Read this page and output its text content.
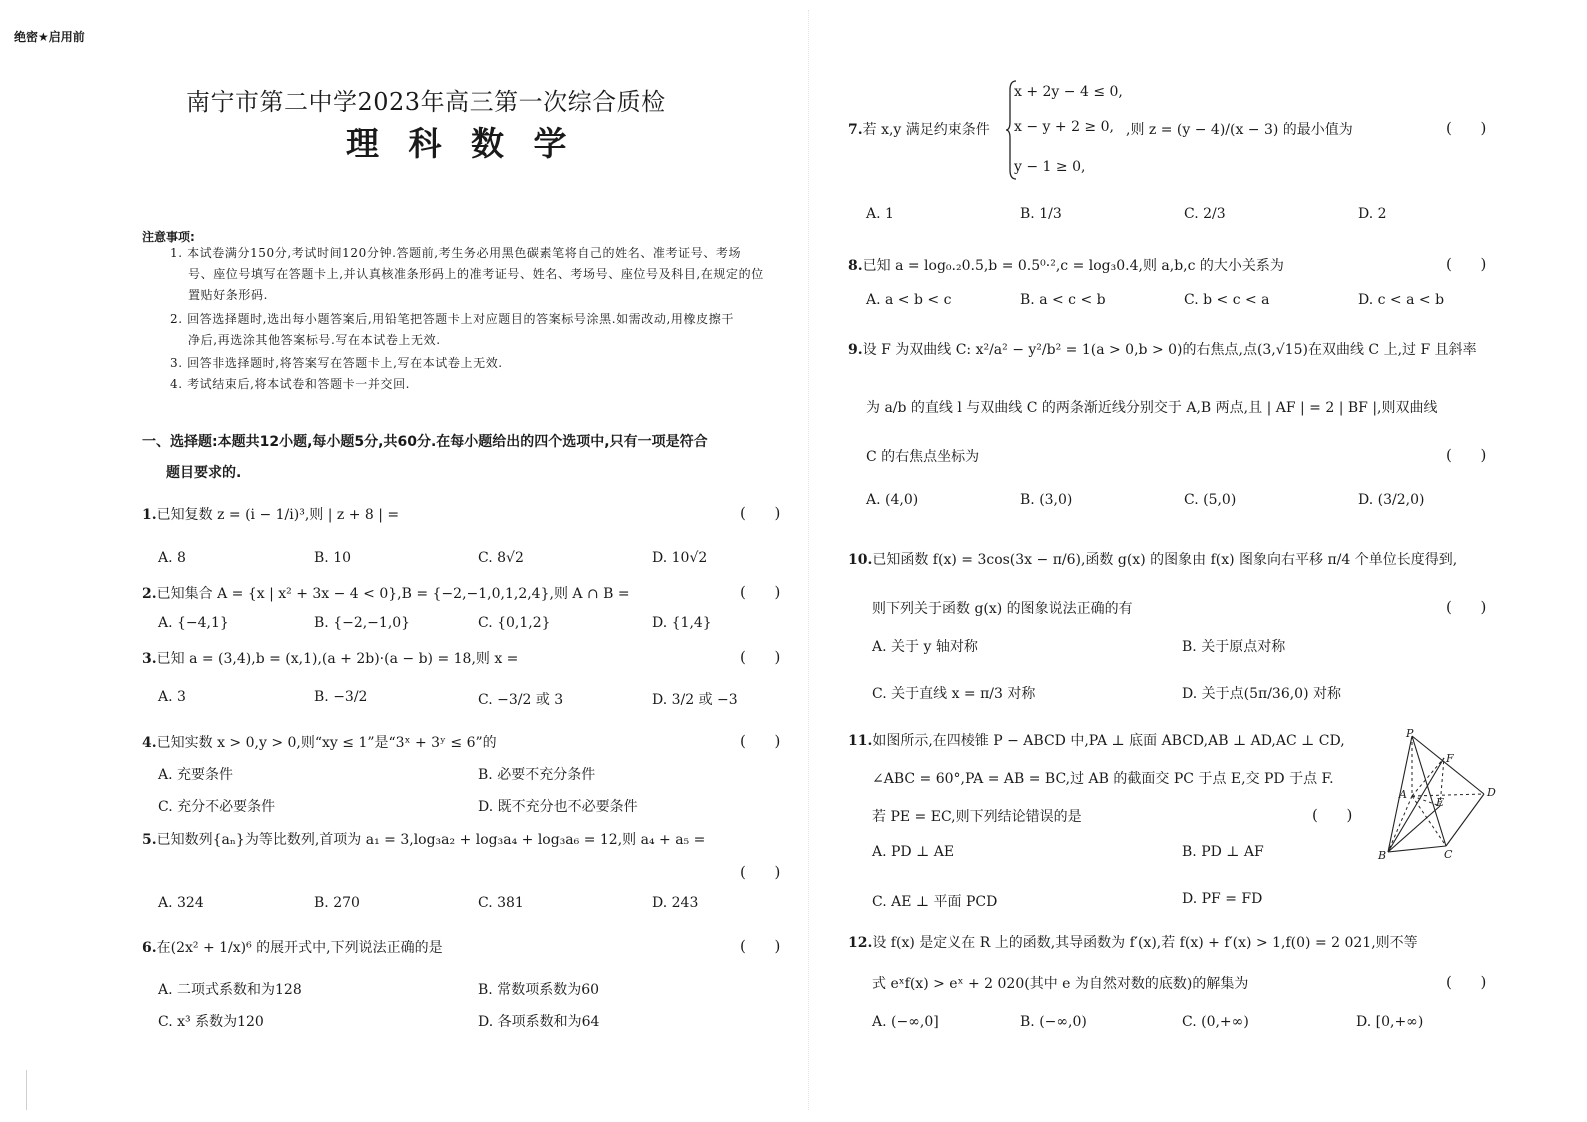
绝密★启用前
南宁市第二中学2023年高三第一次综合质检
理 科 数 学
注意事项:
1. 本试卷满分150分,考试时间120分钟.答题前,考生务必用黑色碳素笔将自己的姓名、准考证号、考场
号、座位号填写在答题卡上,并认真核准条形码上的准考证号、姓名、考场号、座位号及科目,在规定的位
置贴好条形码.
2. 回答选择题时,选出每小题答案后,用铅笔把答题卡上对应题目的答案标号涂黑.如需改动,用橡皮擦干
净后,再选涂其他答案标号.写在本试卷上无效.
3. 回答非选择题时,将答案写在答题卡上,写在本试卷上无效.
4. 考试结束后,将本试卷和答题卡一并交回.
一、选择题:本题共12小题,每小题5分,共60分.在每小题给出的四个选项中,只有一项是符合
题目要求的.
1.已知复数 z = (i − 1/i)³,则 | z + 8 | =	(      )
A. 8	B. 10	C. 8√2	D. 10√2
2.已知集合 A = {x | x² + 3x − 4 < 0},B = {−2,−1,0,1,2,4},则 A ∩ B =	(      )
A. {−4,1}	B. {−2,−1,0}	C. {0,1,2}	D. {1,4}
3.已知 a = (3,4),b = (x,1),(a + 2b)·(a − b) = 18,则 x =	(      )
A. 3	B. −3/2	C. −3/2 或 3	D. 3/2 或 −3
4.已知实数 x > 0,y > 0,则“xy ≤ 1”是“3ˣ + 3ʸ ≤ 6”的	(      )
A. 充要条件	B. 必要不充分条件
C. 充分不必要条件	D. 既不充分也不必要条件
5.已知数列{aₙ}为等比数列,首项为 a₁ = 3,log₃a₂ + log₃a₄ + log₃a₆ = 12,则 a₄ + a₅ =
(      )
A. 324	B. 270	C. 381	D. 243
6.在(2x² + 1/x)⁶ 的展开式中,下列说法正确的是	(      )
A. 二项式系数和为128	B. 常数项系数为60
C. x³ 系数为120	D. 各项系数和为64
7.若 x,y 满足约束条件
x + 2y − 4 ≤ 0,
x − y + 2 ≥ 0,
y − 1 ≥ 0,
,则 z = (y − 4)/(x − 3) 的最小值为	(      )
A. 1	B. 1/3	C. 2/3	D. 2
8.已知 a = log₀.₂0.5,b = 0.5⁰·²,c = log₃0.4,则 a,b,c 的大小关系为	(      )
A. a < b < c	B. a < c < b	C. b < c < a	D. c < a < b
9.设 F 为双曲线 C: x²/a² − y²/b² = 1(a > 0,b > 0)的右焦点,点(3,√15)在双曲线 C 上,过 F 且斜率
为 a/b 的直线 l 与双曲线 C 的两条渐近线分别交于 A,B 两点,且 | AF | = 2 | BF |,则双曲线
C 的右焦点坐标为	(      )
A. (4,0)	B. (3,0)	C. (5,0)	D. (3/2,0)
10.已知函数 f(x) = 3cos(3x − π/6),函数 g(x) 的图象由 f(x) 图象向右平移 π/4 个单位长度得到,
则下列关于函数 g(x) 的图象说法正确的有	(      )
A. 关于 y 轴对称	B. 关于原点对称
C. 关于直线 x = π/3 对称	D. 关于点(5π/36,0) 对称
11.如图所示,在四棱锥 P − ABCD 中,PA ⊥ 底面 ABCD,AB ⊥ AD,AC ⊥ CD,
∠ABC = 60°,PA = AB = BC,过 AB 的截面交 PC 于点 E,交 PD 于点 F.
若 PE = EC,则下列结论错误的是	(      )
A. PD ⊥ AE	B. PD ⊥ AF
C. AE ⊥ 平面 PCD	D. PF = FD
P
F
A
E
D
B	C
12.设 f(x) 是定义在 R 上的函数,其导函数为 f′(x),若 f(x) + f′(x) > 1,f(0) = 2 021,则不等
式 eˣf(x) > eˣ + 2 020(其中 e 为自然对数的底数)的解集为	(      )
A. (−∞,0]	B. (−∞,0)	C. (0,+∞)	D. [0,+∞)
